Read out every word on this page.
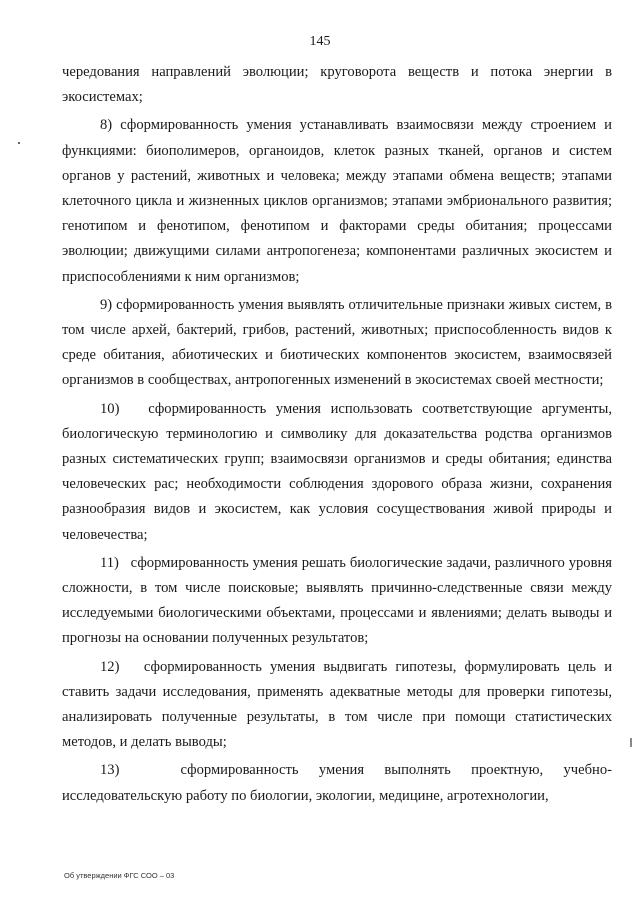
145

чередования направлений эволюции; круговорота веществ и потока энергии в экосистемах;

8) сформированность умения устанавливать взаимосвязи между строением и функциями: биополимеров, органоидов, клеток разных тканей, органов и систем органов у растений, животных и человека; между этапами обмена веществ; этапами клеточного цикла и жизненных циклов организмов; этапами эмбрионального развития; генотипом и фенотипом, фенотипом и факторами среды обитания; процессами эволюции; движущими силами антропогенеза; компонентами различных экосистем и приспособлениями к ним организмов;

9) сформированность умения выявлять отличительные признаки живых систем, в том числе архей, бактерий, грибов, растений, животных; приспособленность видов к среде обитания, абиотических и биотических компонентов экосистем, взаимосвязей организмов в сообществах, антропогенных изменений в экосистемах своей местности;

10)   сформированность умения использовать соответствующие аргументы, биологическую терминологию и символику для доказательства родства организмов разных систематических групп; взаимосвязи организмов и среды обитания; единства человеческих рас; необходимости соблюдения здорового образа жизни, сохранения разнообразия видов и экосистем, как условия сосуществования живой природы и человечества;

11)   сформированность умения решать биологические задачи, различного уровня сложности, в том числе поисковые; выявлять причинно-следственные связи между исследуемыми биологическими объектами, процессами и явлениями; делать выводы и прогнозы на основании полученных результатов;

12)   сформированность умения выдвигать гипотезы, формулировать цель и ставить задачи исследования, применять адекватные методы для проверки гипотезы, анализировать полученные результаты, в том числе при помощи статистических методов, и делать выводы;

13)   сформированность умения выполнять проектную, учебно-исследовательскую работу по биологии, экологии, медицине, агротехнологии,

Об утверждении ФГС СОО – 03
